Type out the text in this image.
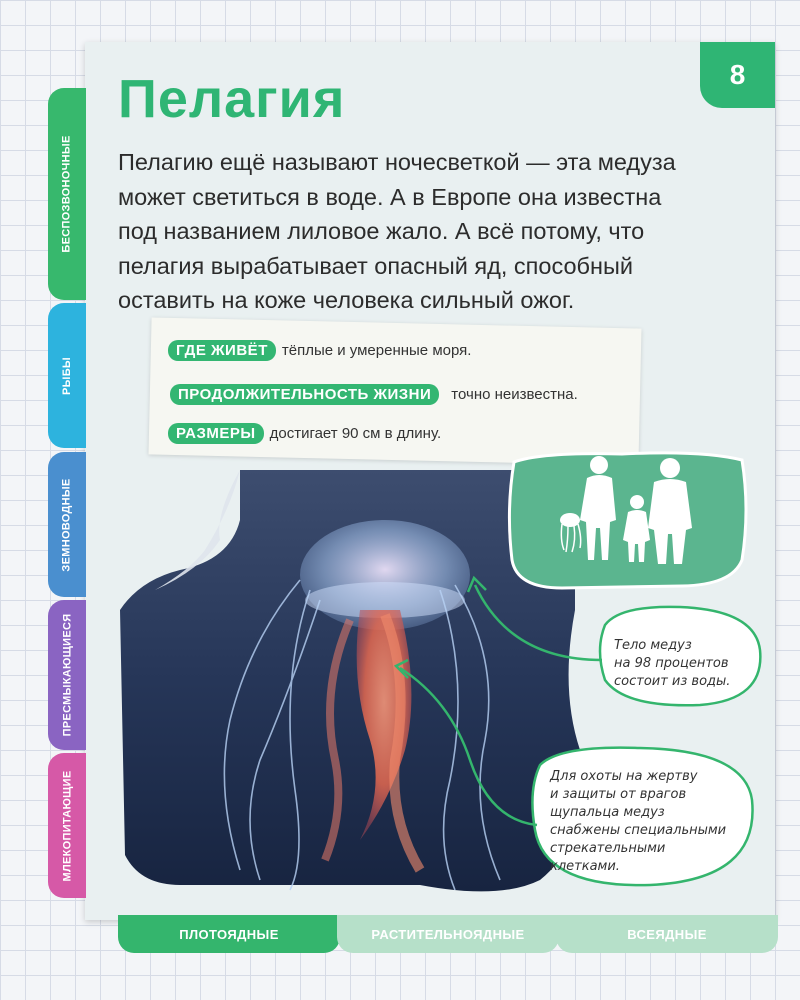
БЕСПОЗВОНОЧНЫЕ
РЫБЫ
ЗЕМНОВОДНЫЕ
ПРЕСМЫКАЮЩИЕСЯ
МЛЕКОПИТАЮЩИЕ
8
Пелагия
Пелагию ещё называют ночесветкой — эта медуза
может светиться в воде. А в Европе она известна
под названием лиловое жало. А всё потому, что
пелагия вырабатывает опасный яд, способный
оставить на коже человека сильный ожог.
ГДЕ ЖИВЁТ тёплые и умеренные моря.
ПРОДОЛЖИТЕЛЬНОСТЬ ЖИЗНИ	точно неизвестна.
РАЗМЕРЫ достигает 90 см в длину.
Тело медуз
на 98 процентов
состоит из воды.
Для охоты на жертву
и защиты от врагов
щупальца медуз
снабжены специальными
стрекательными
клетками.
ПЛОТОЯДНЫЕ	РАСТИТЕЛЬНОЯДНЫЕ	ВСЕЯДНЫЕ
